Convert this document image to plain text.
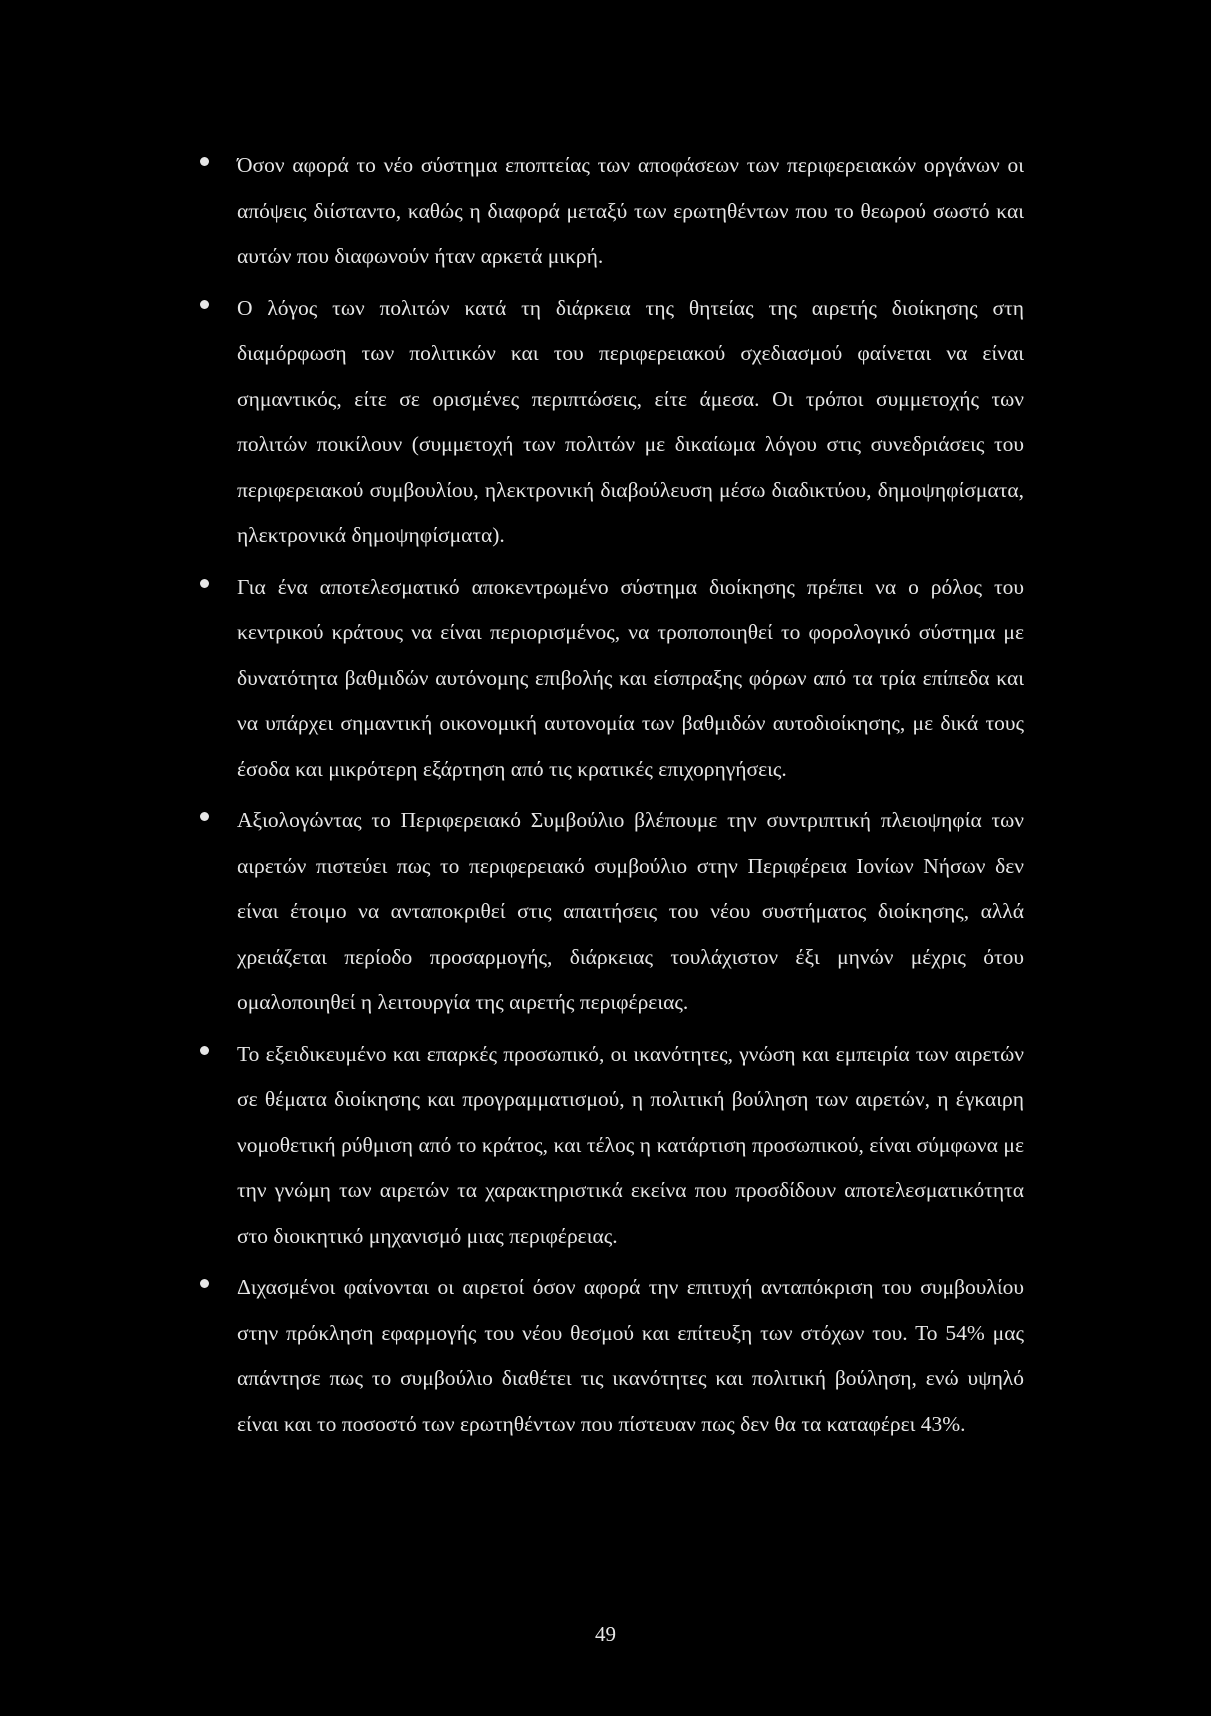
Όσον αφορά το νέο σύστημα εποπτείας των αποφάσεων των περιφερειακών οργάνων οι απόψεις διίσταντο, καθώς η διαφορά μεταξύ των ερωτηθέντων που το θεωρού σωστό και αυτών που διαφωνούν ήταν αρκετά μικρή.

Ο λόγος των πολιτών κατά τη διάρκεια της θητείας της αιρετής διοίκησης στη διαμόρφωση των πολιτικών και του περιφερειακού σχεδιασμού φαίνεται να είναι σημαντικός, είτε σε ορισμένες περιπτώσεις, είτε άμεσα. Οι τρόποι συμμετοχής των πολιτών ποικίλουν (συμμετοχή των πολιτών με δικαίωμα λόγου στις συνεδριάσεις του περιφερειακού συμβουλίου, ηλεκτρονική διαβούλευση μέσω διαδικτύου, δημοψηφίσματα, ηλεκτρονικά δημοψηφίσματα).

Για ένα αποτελεσματικό αποκεντρωμένο σύστημα διοίκησης πρέπει να ο ρόλος του κεντρικού κράτους να είναι περιορισμένος, να τροποποιηθεί το φορολογικό σύστημα με δυνατότητα βαθμιδών αυτόνομης επιβολής και είσπραξης φόρων από τα τρία επίπεδα και να υπάρχει σημαντική οικονομική αυτονομία των βαθμιδών αυτοδιοίκησης, με δικά τους έσοδα και μικρότερη εξάρτηση από τις κρατικές επιχορηγήσεις.

Αξιολογώντας το Περιφερειακό Συμβούλιο βλέπουμε την συντριπτική πλειοψηφία των αιρετών πιστεύει πως το περιφερειακό συμβούλιο στην Περιφέρεια Ιονίων Νήσων δεν είναι έτοιμο να ανταποκριθεί στις απαιτήσεις του νέου συστήματος διοίκησης, αλλά χρειάζεται περίοδο προσαρμογής, διάρκειας τουλάχιστον έξι μηνών μέχρις ότου ομαλοποιηθεί η λειτουργία της αιρετής περιφέρειας.

Το εξειδικευμένο και επαρκές προσωπικό, οι ικανότητες, γνώση και εμπειρία των αιρετών σε θέματα διοίκησης και προγραμματισμού, η πολιτική βούληση των αιρετών, η έγκαιρη νομοθετική ρύθμιση από το κράτος, και τέλος η κατάρτιση προσωπικού, είναι σύμφωνα με την γνώμη των αιρετών τα χαρακτηριστικά εκείνα που προσδίδουν αποτελεσματικότητα στο διοικητικό μηχανισμό μιας περιφέρειας.

Διχασμένοι φαίνονται οι αιρετοί όσον αφορά την επιτυχή ανταπόκριση του συμβουλίου στην πρόκληση εφαρμογής του νέου θεσμού και επίτευξη των στόχων του. Το 54% μας απάντησε πως το συμβούλιο διαθέτει τις ικανότητες και πολιτική βούληση, ενώ υψηλό είναι και το ποσοστό των ερωτηθέντων που πίστευαν πως δεν θα τα καταφέρει 43%.

49
